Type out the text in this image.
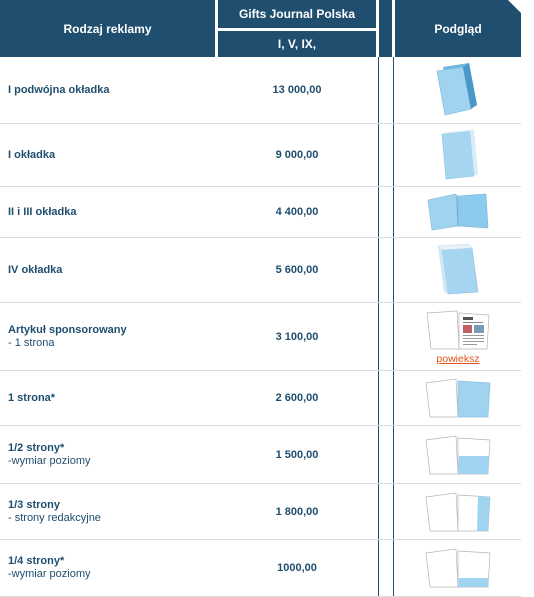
Rodzaj reklamy
Gifts Journal Polska
I, V, IX,
Podgląd
I podwójna okładka	13 000,00
I okładka	9 000,00
II i III okładka	4 400,00
IV okładka	5 600,00
Artykuł sponsorowany
- 1 strona	3 100,00
powieksz
1 strona*	2 600,00
1/2 strony*
-wymiar poziomy	1 500,00
1/3 strony
- strony redakcyjne	1 800,00
1/4 strony*
-wymiar poziomy	1000,00
